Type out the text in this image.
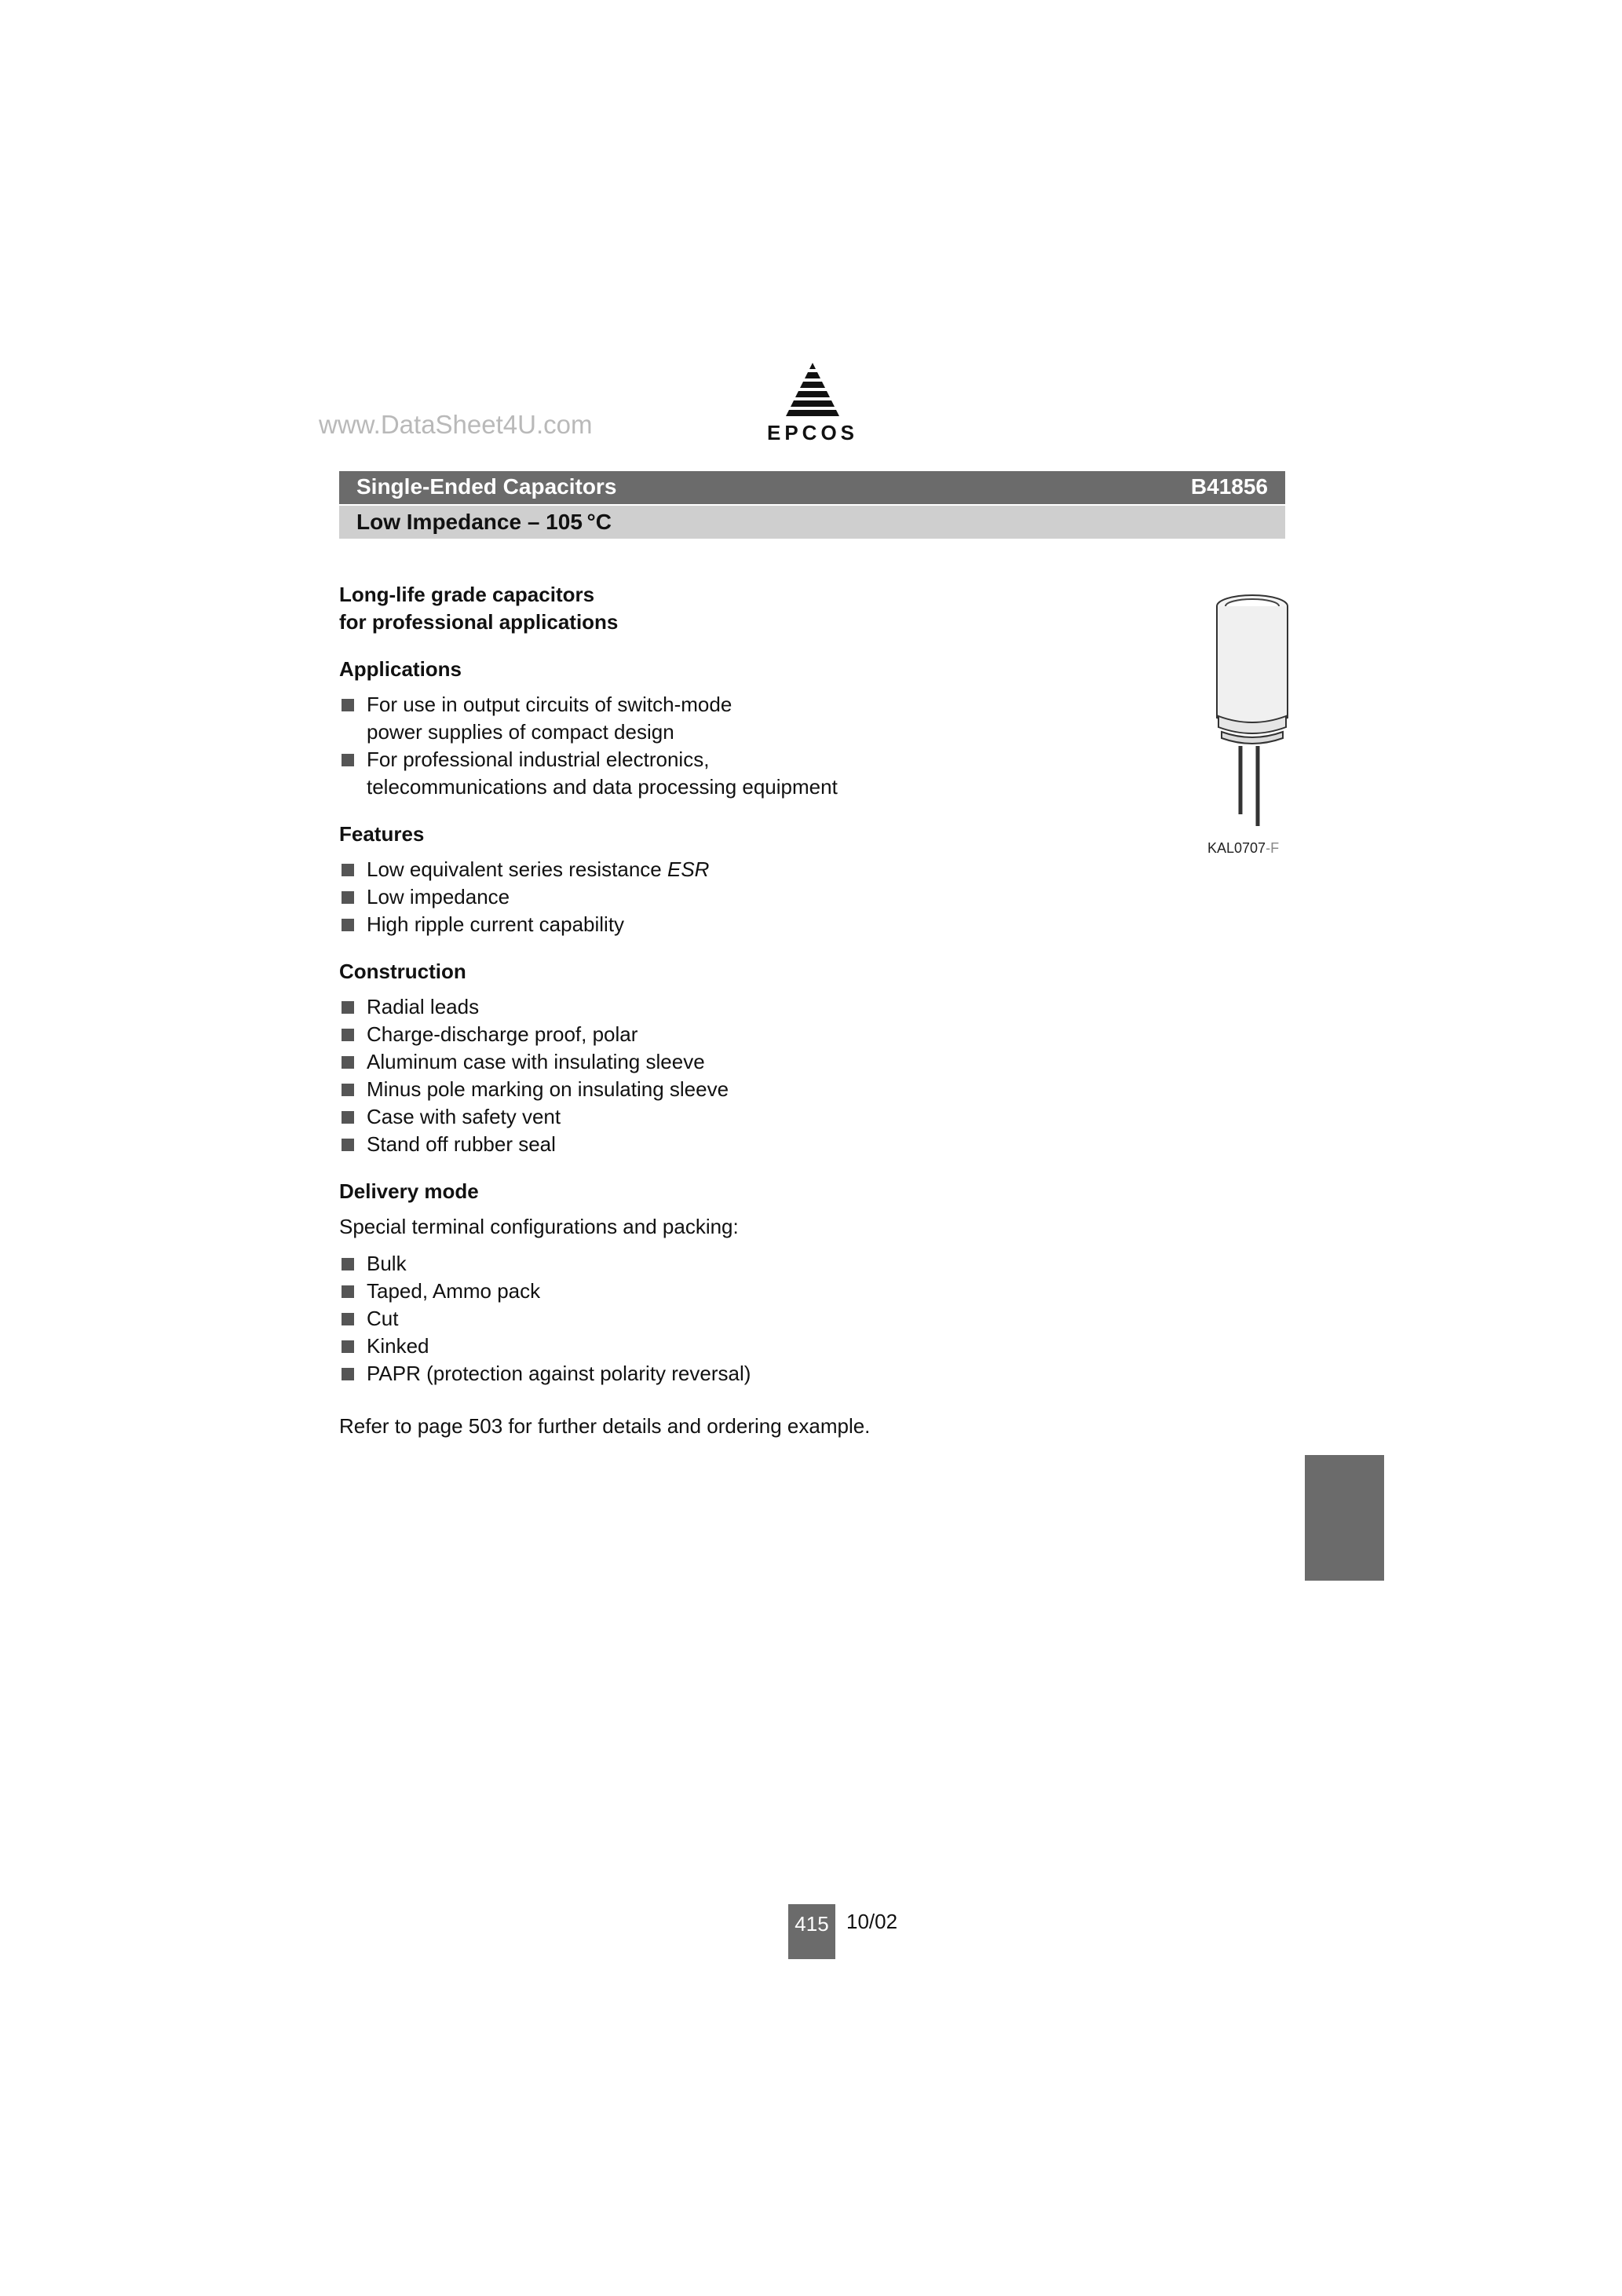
www.DataSheet4U.com	EPCOS
Single-Ended Capacitors	B41856
Low Impedance – 105 °C

Long-life grade capacitors

for professional applications

Applications
For use in output circuits of switch-mode
power supplies of compact design
For professional industrial electronics,
telecommunications and data processing equipment
Features
Low equivalent series resistance ESR
Low impedance
High ripple current capability
Construction
Radial leads
Charge-discharge proof, polar
Aluminum case with insulating sleeve
Minus pole marking on insulating sleeve
Case with safety vent
Stand off rubber seal
Delivery mode

Special terminal configurations and packing:

Bulk
Taped, Ammo pack
Cut
Kinked
PAPR (protection against polarity reversal)

Refer to page 503 for further details and ordering example.

KAL0707-F
415 10/02
